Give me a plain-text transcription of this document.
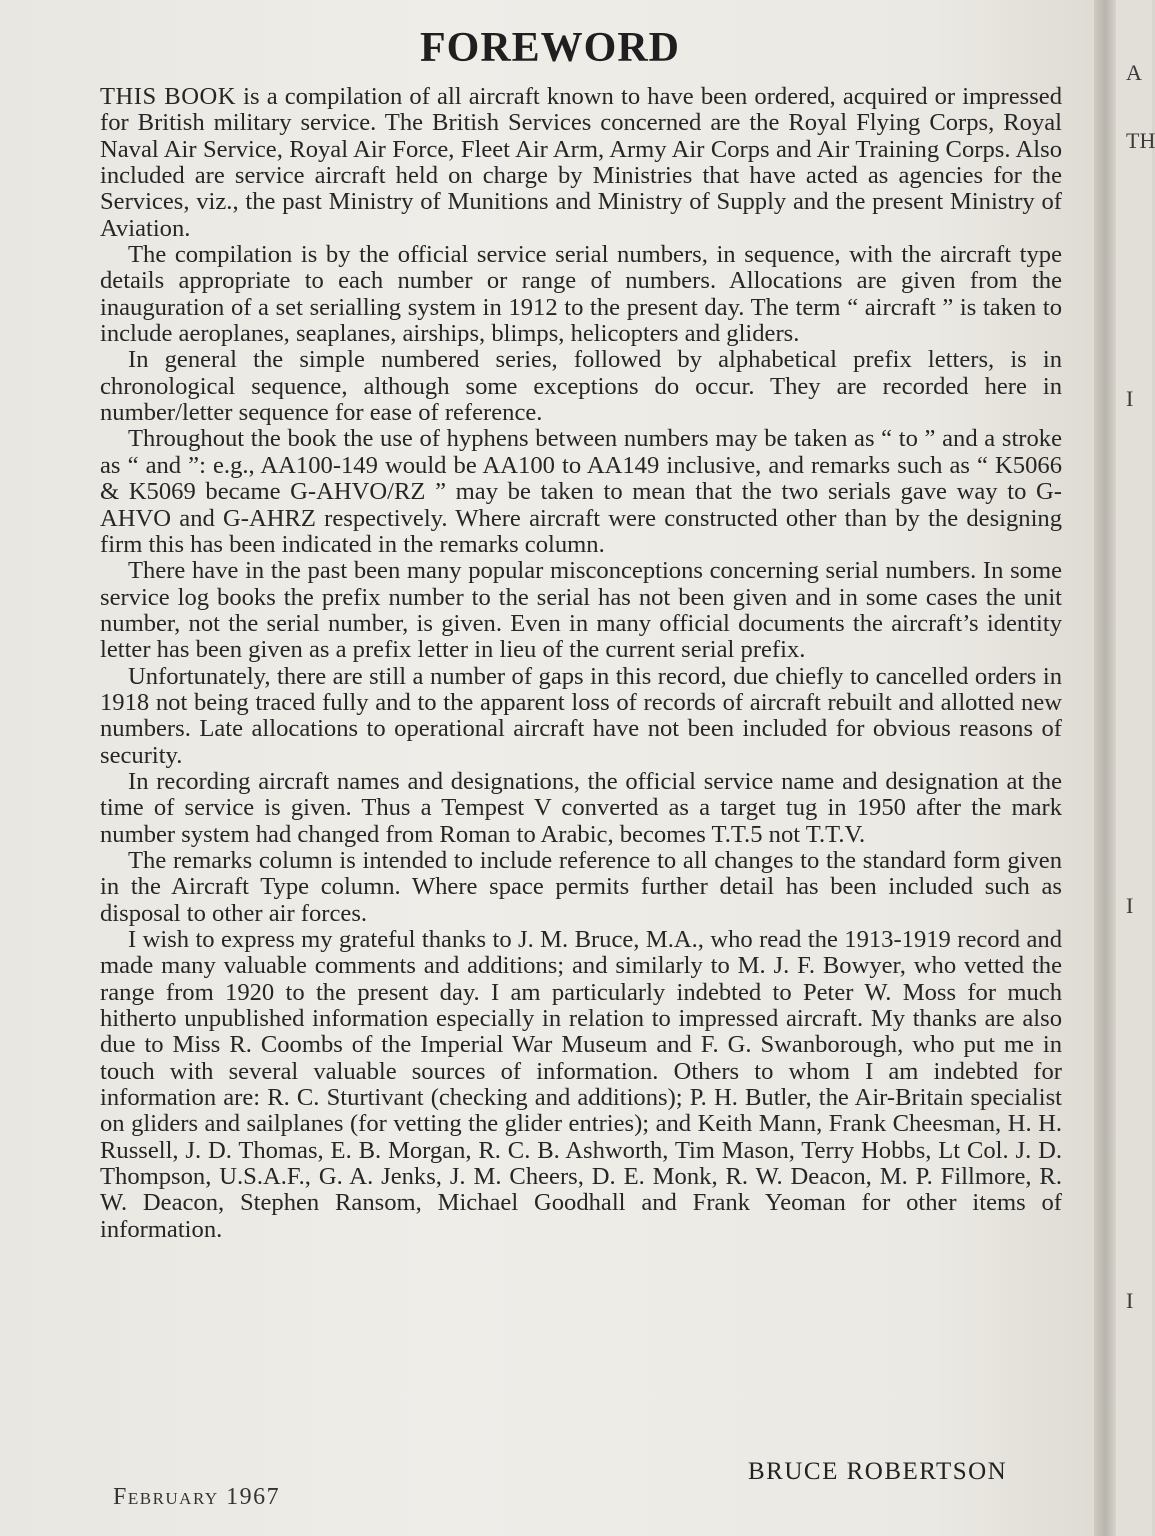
FOREWORD

THIS BOOK is a compilation of all aircraft known to have been ordered, acquired or impressed for British military service. The British Services concerned are the Royal Flying Corps, Royal Naval Air Service, Royal Air Force, Fleet Air Arm, Army Air Corps and Air Training Corps. Also included are service aircraft held on charge by Ministries that have acted as agencies for the Services, viz., the past Ministry of Munitions and Ministry of Supply and the present Ministry of Aviation.

The compilation is by the official service serial numbers, in sequence, with the aircraft type details appropriate to each number or range of numbers. Allocations are given from the inauguration of a set serialling system in 1912 to the present day. The term “ aircraft ” is taken to include aeroplanes, seaplanes, airships, blimps, helicopters and gliders.

In general the simple numbered series, followed by alphabetical prefix letters, is in chronological sequence, although some exceptions do occur. They are recorded here in number/letter sequence for ease of reference.

Throughout the book the use of hyphens between numbers may be taken as “ to ” and a stroke as “ and ”: e.g., AA100-149 would be AA100 to AA149 inclusive, and remarks such as “ K5066 & K5069 became G-AHVO/RZ ” may be taken to mean that the two serials gave way to G-AHVO and G-AHRZ respectively. Where aircraft were constructed other than by the designing firm this has been indicated in the remarks column.

There have in the past been many popular misconceptions concerning serial numbers. In some service log books the prefix number to the serial has not been given and in some cases the unit number, not the serial number, is given. Even in many official documents the aircraft’s identity letter has been given as a prefix letter in lieu of the current serial prefix.

Unfortunately, there are still a number of gaps in this record, due chiefly to cancelled orders in 1918 not being traced fully and to the apparent loss of records of aircraft rebuilt and allotted new numbers. Late allocations to operational aircraft have not been included for obvious reasons of security.

In recording aircraft names and designations, the official service name and designation at the time of service is given. Thus a Tempest V converted as a target tug in 1950 after the mark number system had changed from Roman to Arabic, becomes T.T.5 not T.T.V.

The remarks column is intended to include reference to all changes to the standard form given in the Aircraft Type column. Where space permits further detail has been included such as disposal to other air forces.

I wish to express my grateful thanks to J. M. Bruce, M.A., who read the 1913-1919 record and made many valuable comments and additions; and similarly to M. J. F. Bowyer, who vetted the range from 1920 to the present day. I am particularly indebted to Peter W. Moss for much hitherto unpublished information especially in relation to impressed aircraft. My thanks are also due to Miss R. Coombs of the Imperial War Museum and F. G. Swanborough, who put me in touch with several valuable sources of information. Others to whom I am indebted for information are: R. C. Sturtivant (checking and additions); P. H. Butler, the Air-Britain specialist on gliders and sailplanes (for vetting the glider entries); and Keith Mann, Frank Cheesman, H. H. Russell, J. D. Thomas, E. B. Morgan, R. C. B. Ashworth, Tim Mason, Terry Hobbs, Lt Col. J. D. Thompson, U.S.A.F., G. A. Jenks, J. M. Cheers, D. E. Monk, R. W. Deacon, M. P. Fillmore, R. W. Deacon, Stephen Ransom, Michael Goodhall and Frank Yeoman for other items of information.

BRUCE ROBERTSON
February 1967
A
TH
I
I
I
